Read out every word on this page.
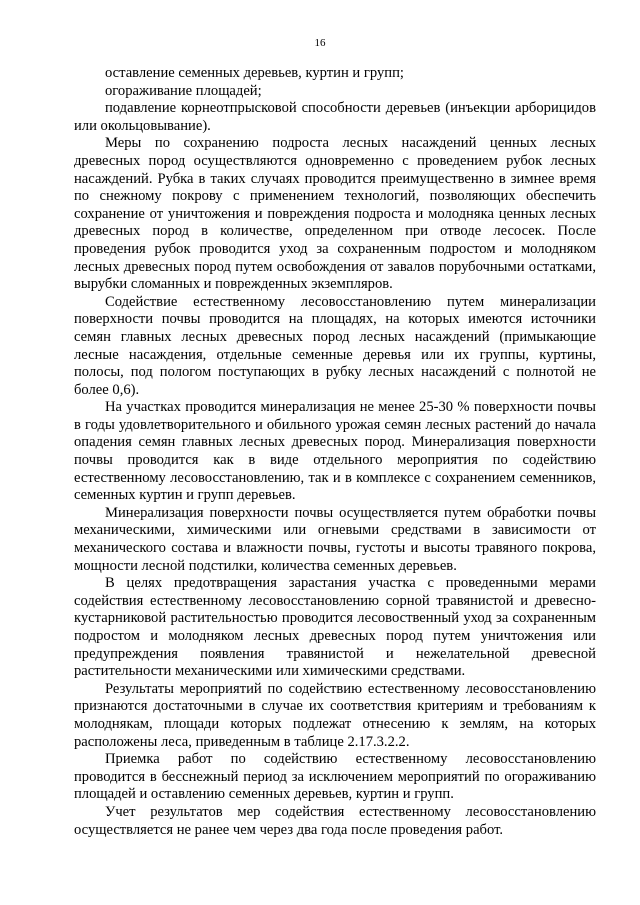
16

оставление семенных деревьев, куртин и групп;

огораживание площадей;

подавление корнеотпрысковой способности деревьев (инъекции арборицидов или окольцовывание).

Меры по сохранению подроста лесных насаждений ценных лесных древесных пород осуществляются одновременно с проведением рубок лесных насаждений. Рубка в таких случаях проводится преимущественно в зимнее время по снежному покрову с применением технологий, позволяющих обеспечить сохранение от уничтожения и повреждения подроста и молодняка ценных лесных древесных пород в количестве, определенном при отводе лесосек. После проведения рубок проводится уход за сохраненным подростом и молодняком лесных древесных пород путем освобождения от завалов порубочными остатками, вырубки сломанных и поврежденных экземпляров.

Содействие естественному лесовосстановлению путем минерализации поверхности почвы проводится на площадях, на которых имеются источники семян главных лесных древесных пород лесных насаждений (примыкающие лесные насаждения, отдельные семенные деревья или их группы, куртины, полосы, под пологом поступающих в рубку лесных насаждений с полнотой не более 0,6).

На участках проводится минерализация не менее 25-30 % поверхности почвы в годы удовлетворительного и обильного урожая семян лесных растений до начала опадения семян главных лесных древесных пород. Минерализация поверхности почвы проводится как в виде отдельного мероприятия по содействию естественному лесовосстановлению, так и в комплексе с сохранением семенников, семенных куртин и групп деревьев.

Минерализация поверхности почвы осуществляется путем обработки почвы механическими, химическими или огневыми средствами в зависимости от механического состава и влажности почвы, густоты и высоты травяного покрова, мощности лесной подстилки, количества семенных деревьев.

В целях предотвращения зарастания участка с проведенными мерами содействия естественному лесовосстановлению сорной травянистой и древесно-кустарниковой растительностью проводится лесовоственный уход за сохраненным подростом и молодняком лесных древесных пород путем уничтожения или предупреждения появления травянистой и нежелательной древесной растительности механическими или химическими средствами.

Результаты мероприятий по содействию естественному лесовосстановлению признаются достаточными в случае их соответствия критериям и требованиям к молоднякам, площади которых подлежат отнесению к землям, на которых расположены леса, приведенным в таблице 2.17.3.2.2.

Приемка работ по содействию естественному лесовосстановлению проводится в бесснежный период за исключением мероприятий по огораживанию площадей и оставлению семенных деревьев, куртин и групп.

Учет результатов мер содействия естественному лесовосстановлению осуществляется не ранее чем через два года после проведения работ.
